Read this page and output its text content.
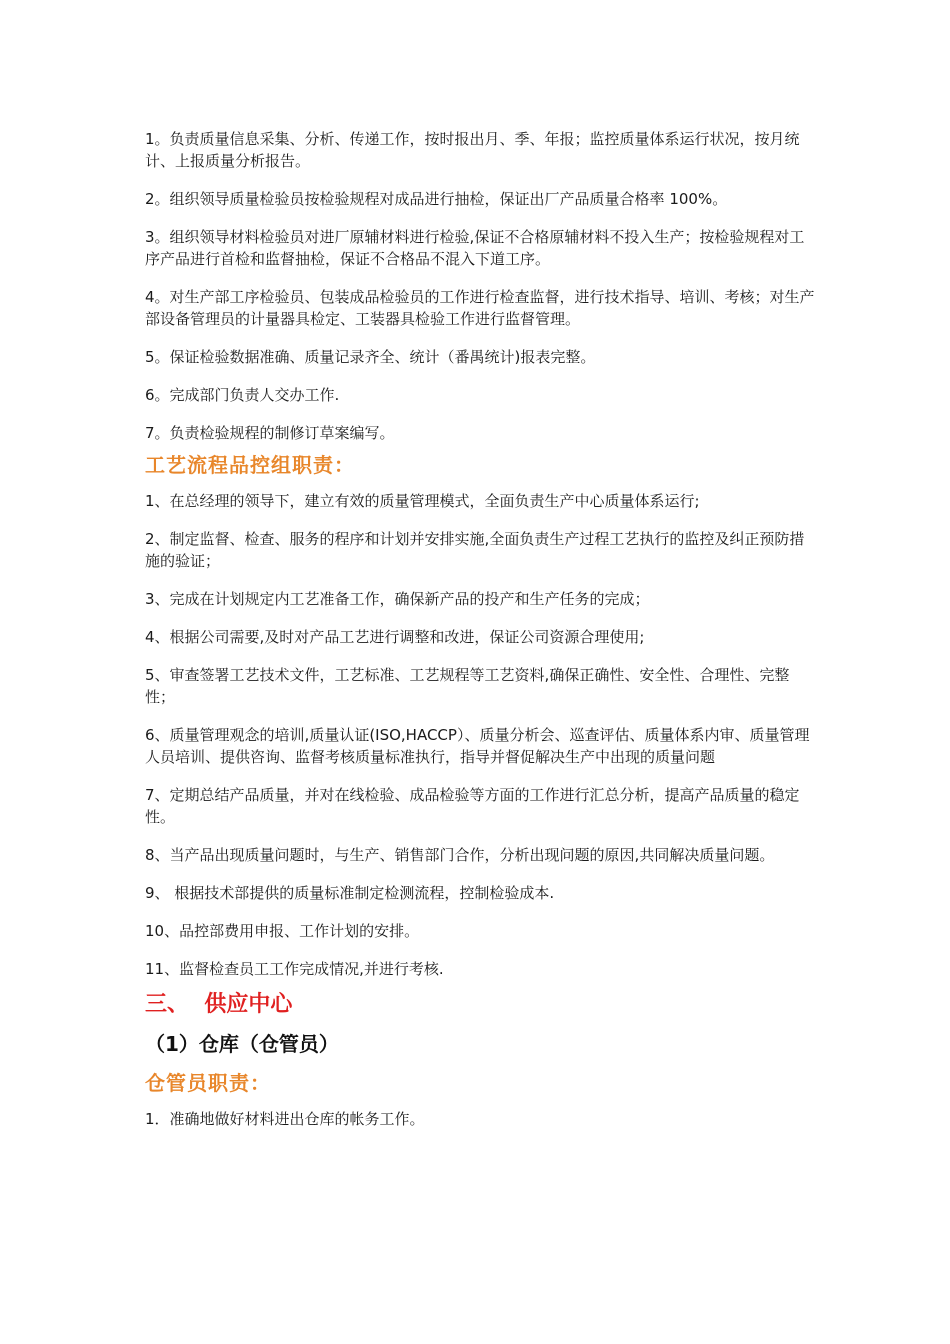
1。负责质量信息采集、分析、传递工作，按时报出月、季、年报；监控质量体系运行状况，按月统计、上报质量分析报告。

2。组织领导质量检验员按检验规程对成品进行抽检，保证出厂产品质量合格率 100%。

3。组织领导材料检验员对进厂原辅材料进行检验,保证不合格原辅材料不投入生产；按检验规程对工序产品进行首检和监督抽检，保证不合格品不混入下道工序。

4。对生产部工序检验员、包装成品检验员的工作进行检查监督，进行技术指导、培训、考核；对生产部设备管理员的计量器具检定、工装器具检验工作进行监督管理。

5。保证检验数据准确、质量记录齐全、统计（番禺统计)报表完整。

6。完成部门负责人交办工作.

7。负责检验规程的制修订草案编写。

工艺流程品控组职责：

1、在总经理的领导下，建立有效的质量管理模式，全面负责生产中心质量体系运行;

2、制定监督、检查、服务的程序和计划并安排实施,全面负责生产过程工艺执行的监控及纠正预防措施的验证；

3、完成在计划规定内工艺准备工作，确保新产品的投产和生产任务的完成；

4、根据公司需要,及时对产品工艺进行调整和改进，保证公司资源合理使用;

5、审查签署工艺技术文件，工艺标准、工艺规程等工艺资料,确保正确性、安全性、合理性、完整性；

6、质量管理观念的培训,质量认证(ISO,HACCP）、质量分析会、巡查评估、质量体系内审、质量管理人员培训、提供咨询、监督考核质量标准执行，指导并督促解决生产中出现的质量问题

7、定期总结产品质量，并对在线检验、成品检验等方面的工作进行汇总分析，提高产品质量的稳定性。

8、当产品出现质量问题时，与生产、销售部门合作，分析出现问题的原因,共同解决质量问题。

9、 根据技术部提供的质量标准制定检测流程，控制检验成本.

10、品控部费用申报、工作计划的安排。

11、监督检查员工工作完成情况,并进行考核.

三、  供应中心
（1）仓库（仓管员）
仓管员职责：

1．准确地做好材料进出仓库的帐务工作。
